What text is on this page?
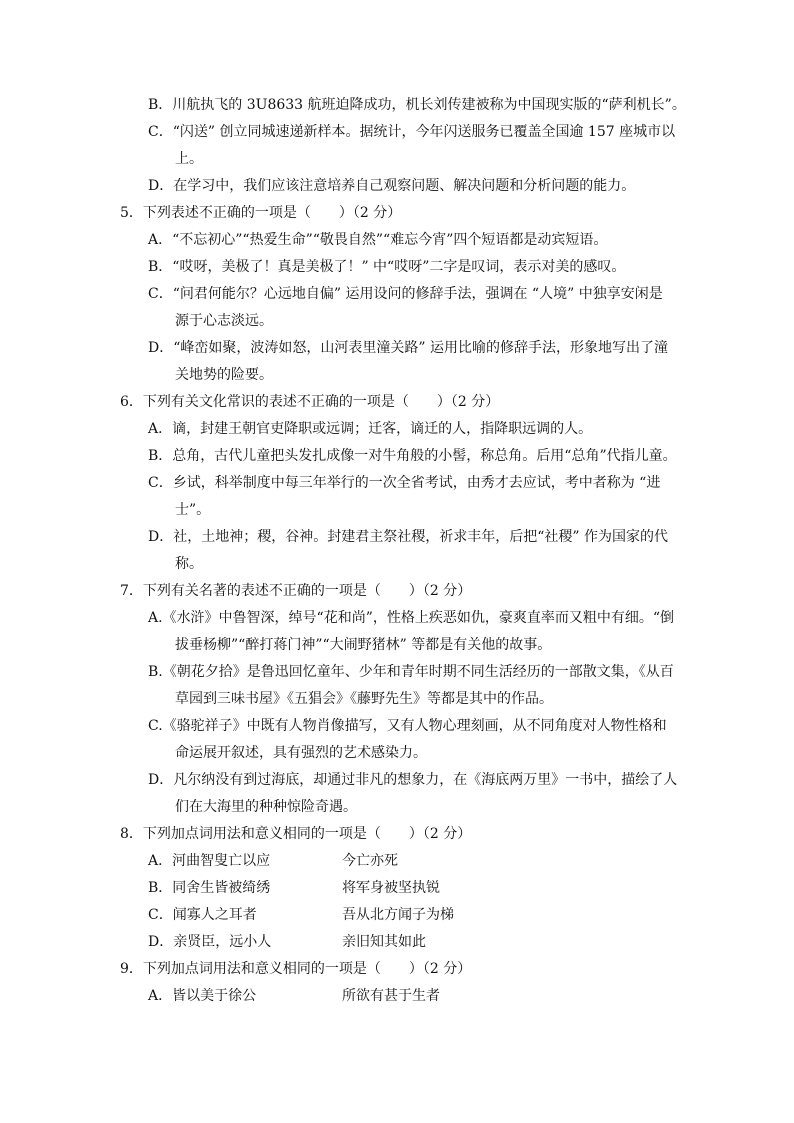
B．川航执飞的 3U8633 航班迫降成功，机长刘传建被称为中国现实版的“萨利机长”。
C．“闪送” 创立同城速递新样本。据统计，今年闪送服务已覆盖全国逾 157 座城市以
上。
D．在学习中，我们应该注意培养自己观察问题、解决问题和分析问题的能力。
5．下列表述不正确的一项是（　　）（2 分）
A．“不忘初心”“热爱生命”“敬畏自然”“难忘今宵”四个短语都是动宾短语。
B．“哎呀，美极了！真是美极了！” 中“哎呀”二字是叹词，表示对美的感叹。
C．“问君何能尔？心远地自偏” 运用设问的修辞手法，强调在 “人境” 中独享安闲是
源于心志淡远。
D．“峰峦如聚，波涛如怒，山河表里潼关路” 运用比喻的修辞手法，形象地写出了潼
关地势的险要。
6．下列有关文化常识的表述不正确的一项是（　　）（2 分）
A．谪，封建王朝官吏降职或远调；迁客，谪迁的人，指降职远调的人。
B．总角，古代儿童把头发扎成像一对牛角般的小髻，称总角。后用“总角”代指儿童。
C．乡试，科举制度中每三年举行的一次全省考试，由秀才去应试，考中者称为 “进
士”。
D．社，土地神；稷，谷神。封建君主祭社稷，祈求丰年，后把“社稷” 作为国家的代
称。
7．下列有关名著的表述不正确的一项是（　　）（2 分）
A.《水浒》中鲁智深，绰号“花和尚”，性格上疾恶如仇，豪爽直率而又粗中有细。“倒
拔垂杨柳”“醉打蒋门神”“大闹野猪林” 等都是有关他的故事。
B.《朝花夕拾》是鲁迅回忆童年、少年和青年时期不同生活经历的一部散文集，《从百
草园到三味书屋》《五猖会》《藤野先生》等都是其中的作品。
C.《骆驼祥子》中既有人物肖像描写，又有人物心理刻画，从不同角度对人物性格和
命运展开叙述，具有强烈的艺术感染力。
D．凡尔纳没有到过海底，却通过非凡的想象力，在《海底两万里》一书中，描绘了人
们在大海里的种种惊险奇遇。
8．下列加点词用法和意义相同的一项是（　　）（2 分）
A．河曲智叟亡以应	今亡亦死
B．同舍生皆被绮绣	将军身被坚执锐
C．闻寡人之耳者	吾从北方闻子为梯
D．亲贤臣，远小人	亲旧知其如此
9．下列加点词用法和意义相同的一项是（　　）（2 分）
A．皆以美于徐公	所欲有甚于生者
